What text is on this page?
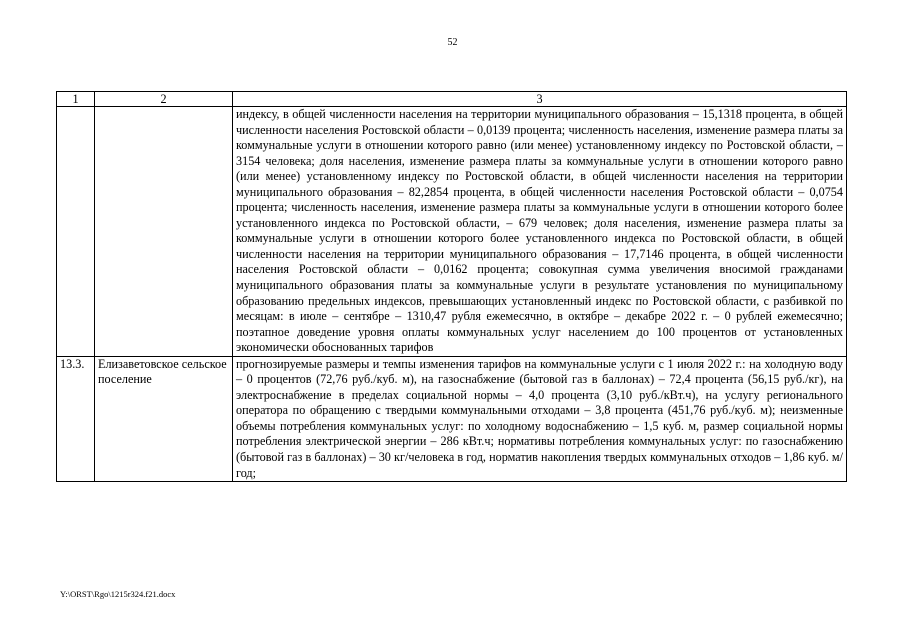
52
1	2	3
		индексу, в общей численности населения на территории муниципального образования – 15,1318 процента, в общей численности населения Ростовской области – 0,0139 процента; численность населения, изменение размера платы за коммунальные услуги в отношении которого равно (или менее) установленному индексу по Ростовской области, – 3154 человека; доля населения, изменение размера платы за коммунальные услуги в отношении которого равно (или менее) установленному индексу по Ростовской области, в общей численности населения на территории муниципального образования – 82,2854 процента, в общей численности населения Ростовской области – 0,0754 процента; численность населения, изменение размера платы за коммунальные услуги в отношении которого более установленного индекса по Ростовской области, – 679 человек; доля населения, изменение размера платы за коммунальные услуги в отношении которого более установленного индекса по Ростовской области, в общей численности населения на территории муниципального образования – 17,7146 процента, в общей численности населения Ростовской области – 0,0162 процента; совокупная сумма увеличения вносимой гражданами муниципального образования платы за коммунальные услуги в результате установления по муниципальному образованию предельных индексов, превышающих установленный индекс по Ростовской области, с разбивкой по месяцам: в июле – сентябре – 1310,47 рубля ежемесячно, в октябре – декабре 2022 г. – 0 рублей ежемесячно; поэтапное доведение уровня оплаты коммунальных услуг населением до 100 процентов от установленных экономически обоснованных тарифов
13.3.	Елизаветовское сельское поселение	прогнозируемые размеры и темпы изменения тарифов на коммунальные услуги с 1 июля 2022 г.: на холодную воду – 0 процентов (72,76 руб./куб. м), на газоснабжение (бытовой газ в баллонах) – 72,4 процента (56,15 руб./кг), на электроснабжение в пределах социальной нормы – 4,0 процента (3,10 руб./кВт.ч), на услугу регионального оператора по обращению с твердыми коммунальными отходами – 3,8 процента (451,76 руб./куб. м); неизменные объемы потребления коммунальных услуг: по холодному водоснабжению – 1,5 куб. м, размер социальной нормы потребления электрической энергии – 286 кВт.ч; нормативы потребления коммунальных услуг: по газоснабжению (бытовой газ в баллонах) – 30 кг/человека в год, норматив накопления твердых коммунальных отходов – 1,86 куб. м/год;
Y:\ORST\Rgo\1215r324.f21.docx
